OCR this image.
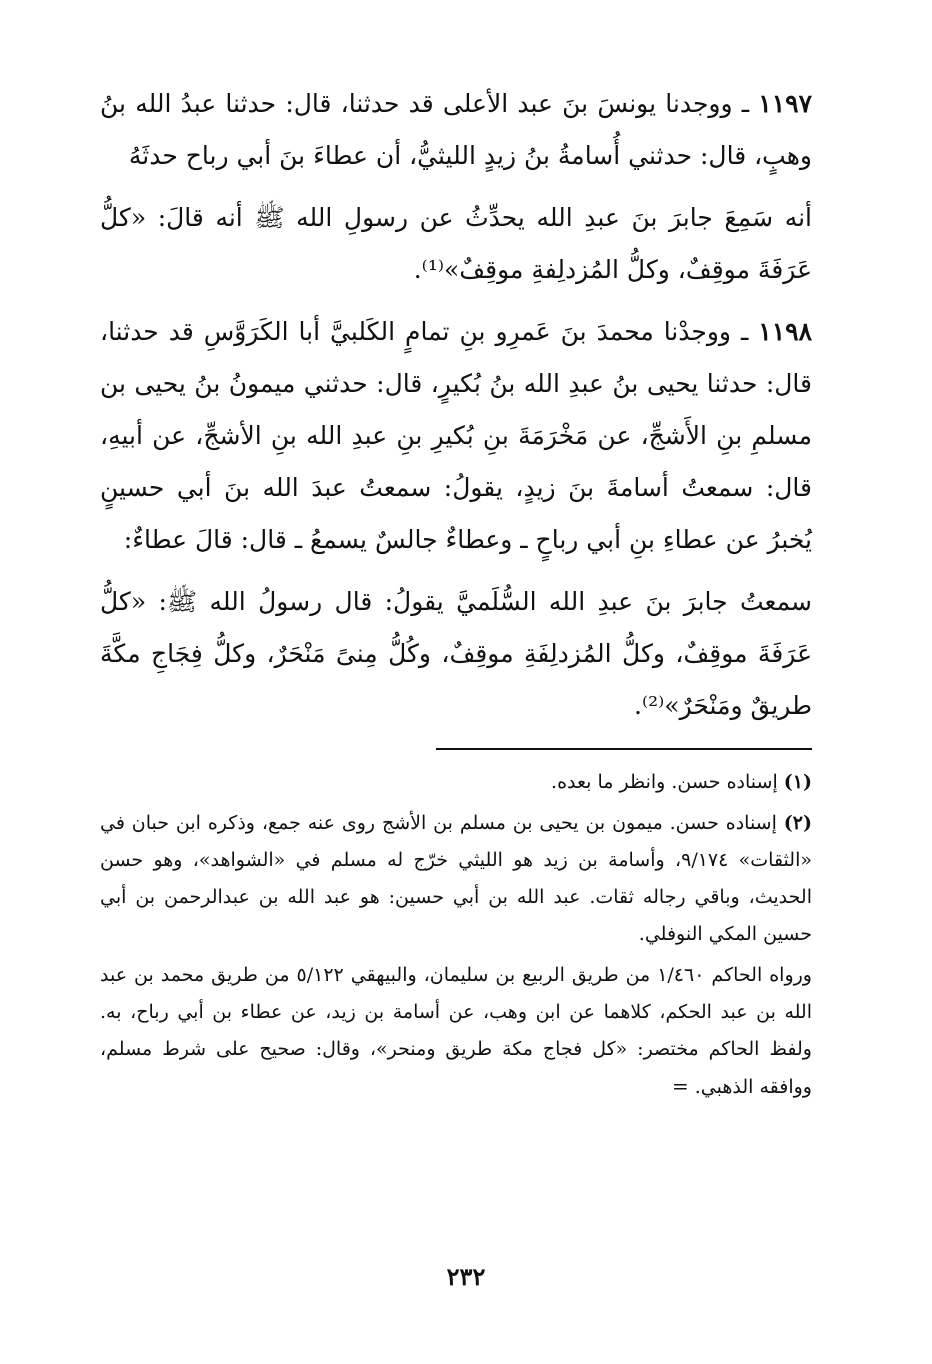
١١٩٧ ـ ووجدنا يونسَ بنَ عبد الأعلى قد حدثنا، قال: حدثنا عبدُ الله بنُ وهبٍ، قال: حدثني أُسامةُ بنُ زيدٍ الليثيُّ، أن عطاءَ بنَ أبي رباح حدثَهُ

أنه سَمِعَ جابرَ بنَ عبدِ الله يحدِّثُ عن رسولِ الله ﷺ أنه قالَ: «كلُّ عَرَفَةَ موقِفٌ، وكلُّ المُزدلِفةِ موقِفٌ»⁽¹⁾.

١١٩٨ ـ ووجدْنا محمدَ بنَ عَمرِو بنِ تمامٍ الكَلبيَّ أبا الكَرَوَّسِ قد حدثنا، قال: حدثنا يحيى بنُ عبدِ الله بنُ بُكيرٍ، قال: حدثني ميمونُ بنُ يحيى بن مسلمِ بنِ الأَشجِّ، عن مَخْرَمَةَ بنِ بُكيرِ بنِ عبدِ الله بنِ الأشجِّ، عن أبيهِ، قال: سمعتُ أسامةَ بنَ زيدٍ، يقولُ: سمعتُ عبدَ الله بنَ أبي حسينٍ يُخبرُ عن عطاءِ بنِ أبي رباحٍ ـ وعطاءٌ جالسٌ يسمعُ ـ قال: قالَ عطاءٌ:

سمعتُ جابرَ بنَ عبدِ الله السُّلَميَّ يقولُ: قال رسولُ الله ﷺ: «كلُّ عَرَفَةَ موقِفٌ، وكلُّ المُزدلِفَةِ موقِفٌ، وكُلُّ مِنىً مَنْحَرٌ، وكلُّ فِجَاجِ مكَّةَ طريقٌ ومَنْحَرٌ»⁽²⁾.

(١) إسناده حسن. وانظر ما بعده.

(٢) إسناده حسن. ميمون بن يحيى بن مسلم بن الأشج روى عنه جمع، وذكره ابن حبان في «الثقات» ٩/١٧٤، وأسامة بن زيد هو الليثي خرّج له مسلم في «الشواهد»، وهو حسن الحديث، وباقي رجاله ثقات. عبد الله بن أبي حسين: هو عبد الله بن عبدالرحمن بن أبي حسين المكي النوفلي.

ورواه الحاكم ١/٤٦٠ من طريق الربيع بن سليمان، والبيهقي ٥/١٢٢ من طريق محمد بن عبد الله بن عبد الحكم، كلاهما عن ابن وهب، عن أسامة بن زيد، عن عطاء بن أبي رباح، به. ولفظ الحاكم مختصر: «كل فجاج مكة طريق ومنحر»، وقال: صحيح على شرط مسلم، ووافقه الذهبي. =

٢٣٢
